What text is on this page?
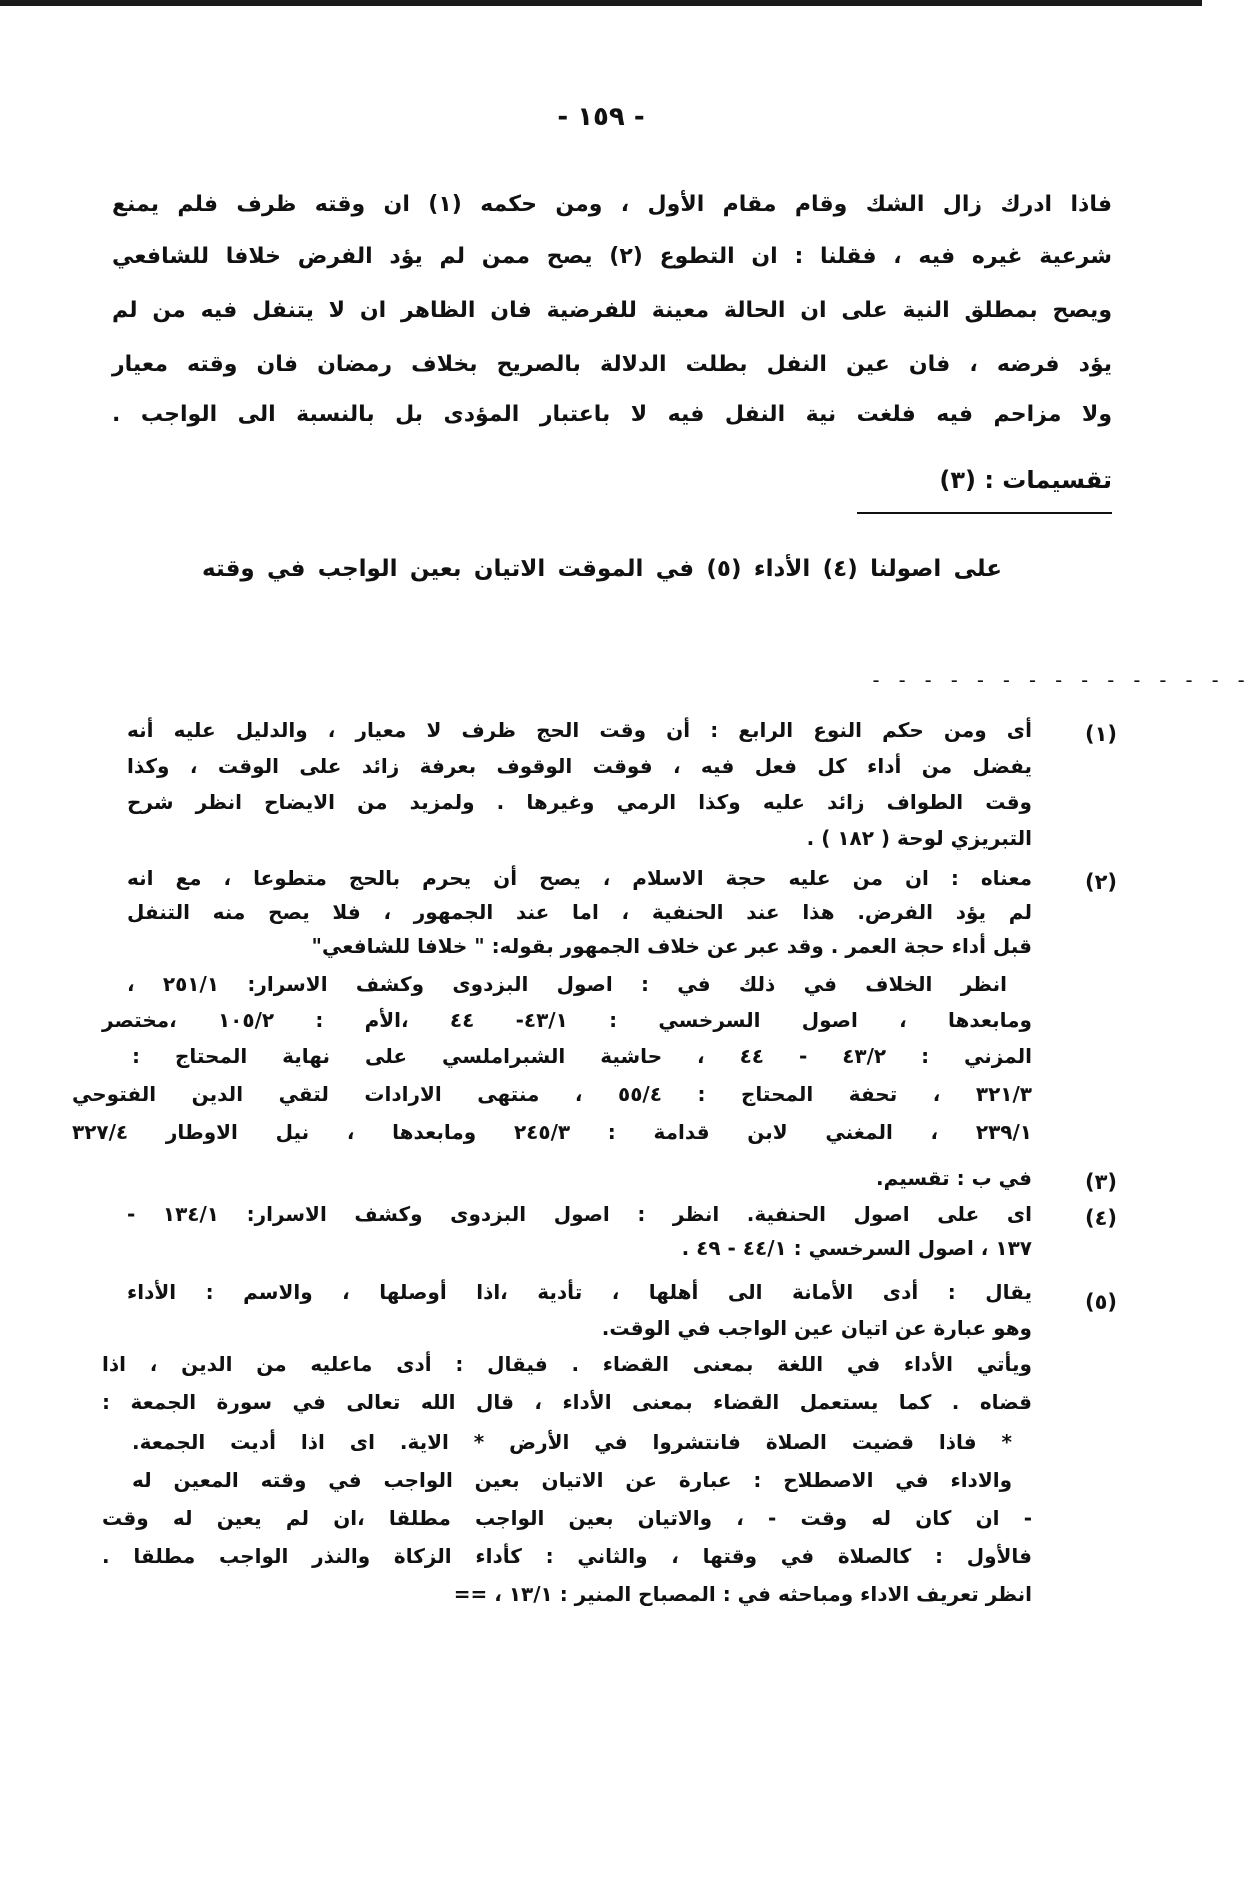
- ١٥٩ -
فاذا ادرك زال الشك وقام مقام الأول ، ومن حكمه (١) ان وقته ظرف فلم يمنع
شرعية غيره فيه ، فقلنا : ان التطوع (٢) يصح ممن لم يؤد الفرض خلافا للشافعي
ويصح بمطلق النية على ان الحالة معينة للفرضية فان الظاهر ان لا يتنفل فيه من لم
يؤد فرضه ، فان عين النفل بطلت الدلالة بالصريح بخلاف رمضان فان وقته معيار
ولا مزاحم فيه فلغت نية النفل فيه لا باعتبار المؤدى بل بالنسبة الى الواجب .
تقسيمات : (٣)
على اصولنا (٤) الأداء (٥) في الموقت الاتيان بعين الواجب في وقته
- - - - - - - - - - - - - - -
(١)
أى ومن حكم النوع الرابع : أن وقت الحج ظرف لا معيار ، والدليل عليه أنه
يفضل من أداء كل فعل فيه ، فوقت الوقوف بعرفة زائد على الوقت ، وكذا
وقت الطواف زائد عليه وكذا الرمي وغيرها . ولمزيد من الايضاح انظر شرح
التبريزي لوحة ( ١٨٢ ) .
(٢)
معناه : ان من عليه حجة الاسلام ، يصح أن يحرم بالحج متطوعا ، مع انه
لم يؤد الفرض. هذا عند الحنفية ، اما عند الجمهور ، فلا يصح منه التنفل
قبل أداء حجة العمر . وقد عبر عن خلاف الجمهور بقوله: " خلافا للشافعي"
انظر الخلاف في ذلك في : اصول البزدوى وكشف الاسرار: ٢٥١/١ ،
ومابعدها ، اصول السرخسي : ٤٣/١- ٤٤ ،الأم : ١٠٥/٢ ،مختصر
المزني : ٤٣/٢ - ٤٤ ، حاشية الشبراملسي على نهاية المحتاج :
٣٢١/٣ ، تحفة المحتاج : ٥٥/٤ ، منتهى الارادات لتقي الدين الفتوحي
٢٣٩/١ ، المغني لابن قدامة : ٢٤٥/٣ ومابعدها ، نيل الاوطار ٣٢٧/٤
(٣)
في ب : تقسيم.
(٤)
اى على اصول الحنفية. انظر : اصول البزدوى وكشف الاسرار: ١٣٤/١ -
١٣٧ ، اصول السرخسي : ٤٤/١ - ٤٩ .
(٥)
يقال : أدى الأمانة الى أهلها ، تأدية ،اذا أوصلها ، والاسم : الأداء
وهو عبارة عن اتيان عين الواجب في الوقت.
ويأتي الأداء في اللغة بمعنى القضاء . فيقال : أدى ماعليه من الدين ، اذا
قضاه . كما يستعمل القضاء بمعنى الأداء ، قال الله تعالى في سورة الجمعة :
* فاذا قضيت الصلاة فانتشروا في الأرض * الاية. اى اذا أديت الجمعة.
والاداء في الاصطلاح : عبارة عن الاتيان بعين الواجب في وقته المعين له
- ان كان له وقت - ، والاتيان بعين الواجب مطلقا ،ان لم يعين له وقت
فالأول : كالصلاة في وقتها ، والثاني : كأداء الزكاة والنذر الواجب مطلقا .
انظر تعريف الاداء ومباحثه في : المصباح المنير : ١٣/١ ، ==
